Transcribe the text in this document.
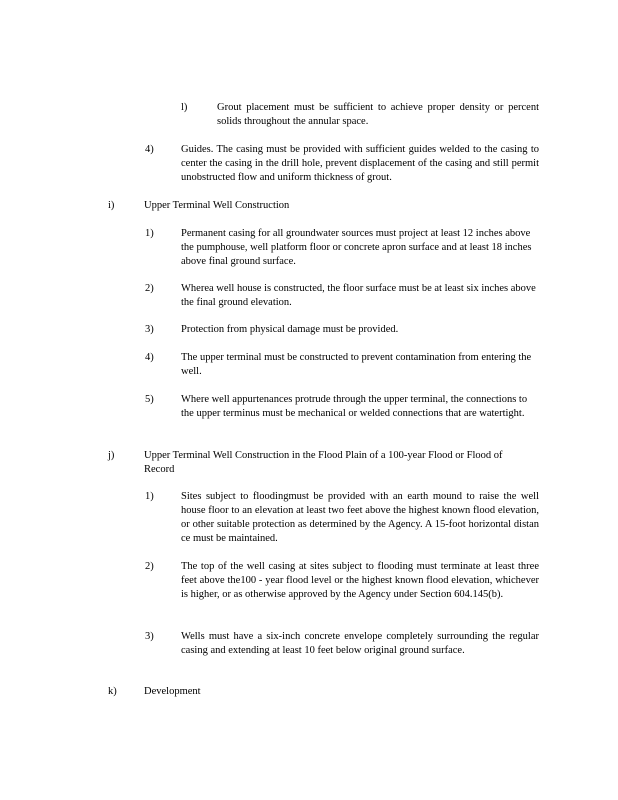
l)	Grout placement must be sufficient to achieve proper density or percent solids throughout the annular space.
4)	Guides. The casing must be provided with sufficient guides welded to the casing to center the casing in the drill hole, prevent displacement of the casing and still permit unobstructed flow and uniform thickness of grout.
i)	Upper Terminal Well Construction
1)	Permanent casing for all groundwater sources must project at least 12 inches above the pumphouse, well platform floor or concrete apron surface and at least 18 inches above final ground surface.
2)	Wherea well house is constructed, the floor surface must be at least six inches above the final ground elevation.
3)	Protection from physical damage must be provided.
4)	The upper terminal must be constructed to prevent contamination from entering the well.
5)	Where well appurtenances protrude through the upper terminal, the connections to the upper terminus must be mechanical or welded connections that are watertight.
j)	Upper Terminal Well Construction in the Flood Plain of a 100-year Flood or Flood of Record
1)	Sites subject to floodingmust be provided with an earth mound to raise the well house floor to an elevation at least two feet above the highest known flood elevation, or other suitable protection as determined by the Agency. A 15-foot horizontal distan ce must be maintained.
2)	The top of the well casing at sites subject to flooding must terminate at least three feet above the100 - year flood level or the highest known flood elevation, whichever is higher, or as otherwise approved by the Agency under Section 604.145(b).
3)	Wells must have a six-inch concrete envelope completely surrounding the regular casing and extending at least 10 feet below original ground surface.
k)	Development
